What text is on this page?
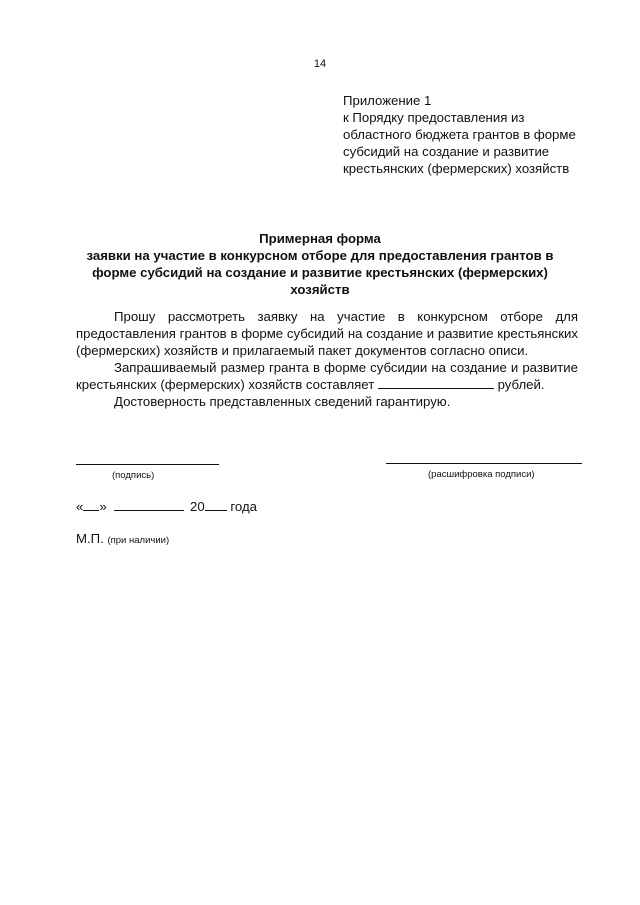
14
Приложение 1
к Порядку предоставления из
областного бюджета грантов в форме
субсидий на создание и развитие
крестьянских (фермерских) хозяйств
Примерная форма
заявки на участие в конкурсном отборе для предоставления грантов в
форме субсидий на создание и развитие крестьянских (фермерских)
хозяйств

Прошу рассмотреть заявку на участие в конкурсном отборе для предоставления грантов в форме субсидий на создание и развитие крестьянских (фермерских) хозяйств и прилагаемый пакет документов согласно описи.

Запрашиваемый размер гранта в форме субсидии на создание и развитие крестьянских (фермерских) хозяйств составляет	рублей.

Достоверность представленных сведений гарантирую.

(подпись)	(расшифровка подписи)
« »	20 года
М.П. (при наличии)
